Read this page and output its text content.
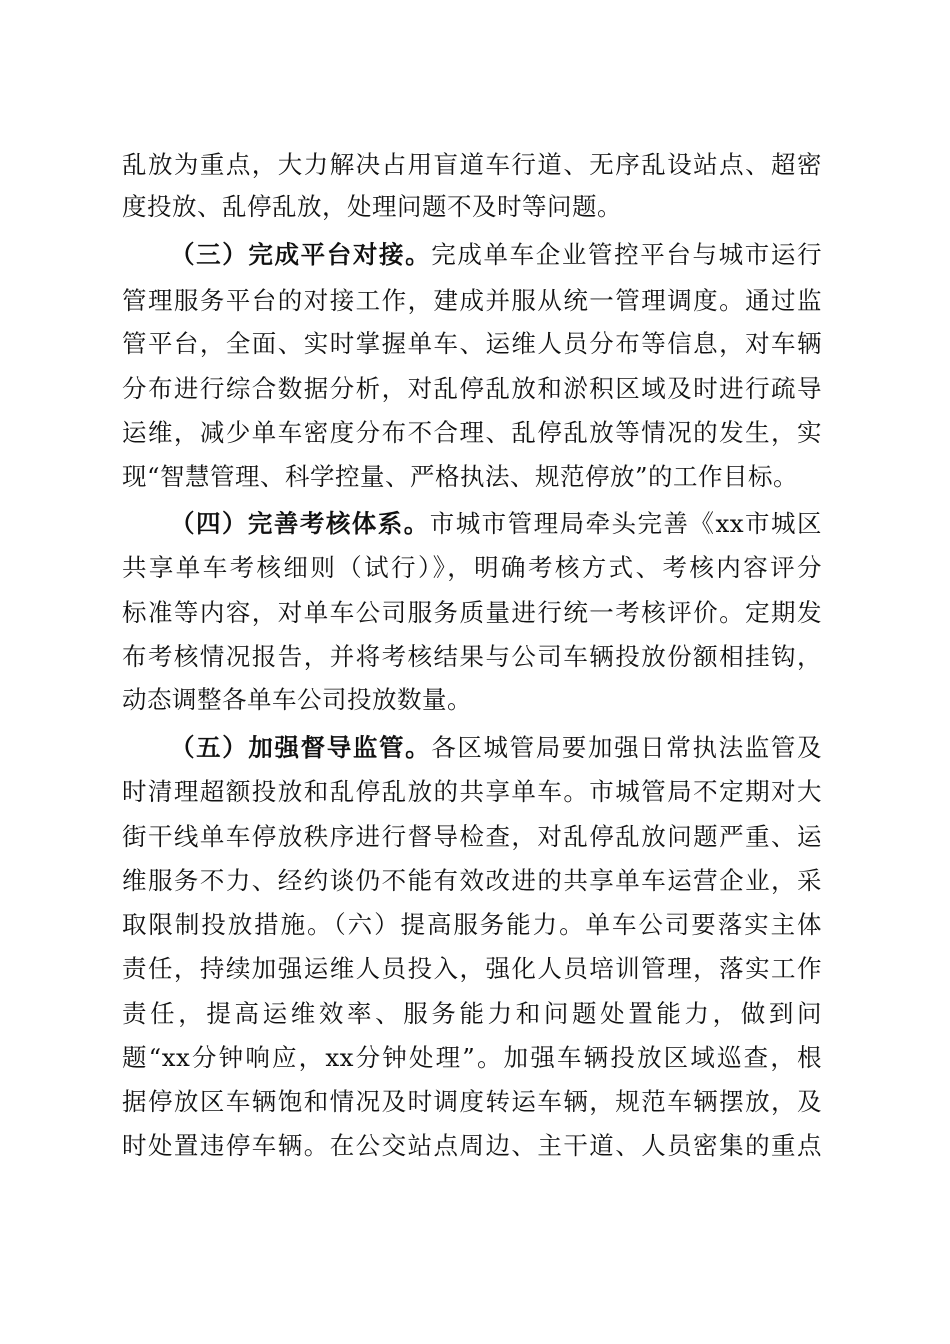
乱放为重点，大力解决占用盲道车行道、无序乱设站点、超密
度投放、乱停乱放，处理问题不及时等问题。
（三）完成平台对接。完成单车企业管控平台与城市运行
管理服务平台的对接工作，建成并服从统一管理调度。通过监
管平台，全面、实时掌握单车、运维人员分布等信息，对车辆
分布进行综合数据分析，对乱停乱放和淤积区域及时进行疏导
运维，减少单车密度分布不合理、乱停乱放等情况的发生，实
现“智慧管理、科学控量、严格执法、规范停放”的工作目标。
（四）完善考核体系。市城市管理局牵头完善《xx市城区
共享单车考核细则（试行）》，明确考核方式、考核内容评分
标准等内容，对单车公司服务质量进行统一考核评价。定期发
布考核情况报告，并将考核结果与公司车辆投放份额相挂钩，
动态调整各单车公司投放数量。
（五）加强督导监管。各区城管局要加强日常执法监管及
时清理超额投放和乱停乱放的共享单车。市城管局不定期对大
街干线单车停放秩序进行督导检查，对乱停乱放问题严重、运
维服务不力、经约谈仍不能有效改进的共享单车运营企业，采
取限制投放措施。（六）提高服务能力。单车公司要落实主体
责任，持续加强运维人员投入，强化人员培训管理，落实工作
责任，提高运维效率、服务能力和问题处置能力，做到问
题“xx分钟响应，xx分钟处理”。加强车辆投放区域巡查，根
据停放区车辆饱和情况及时调度转运车辆，规范车辆摆放，及
时处置违停车辆。在公交站点周边、主干道、人员密集的重点
